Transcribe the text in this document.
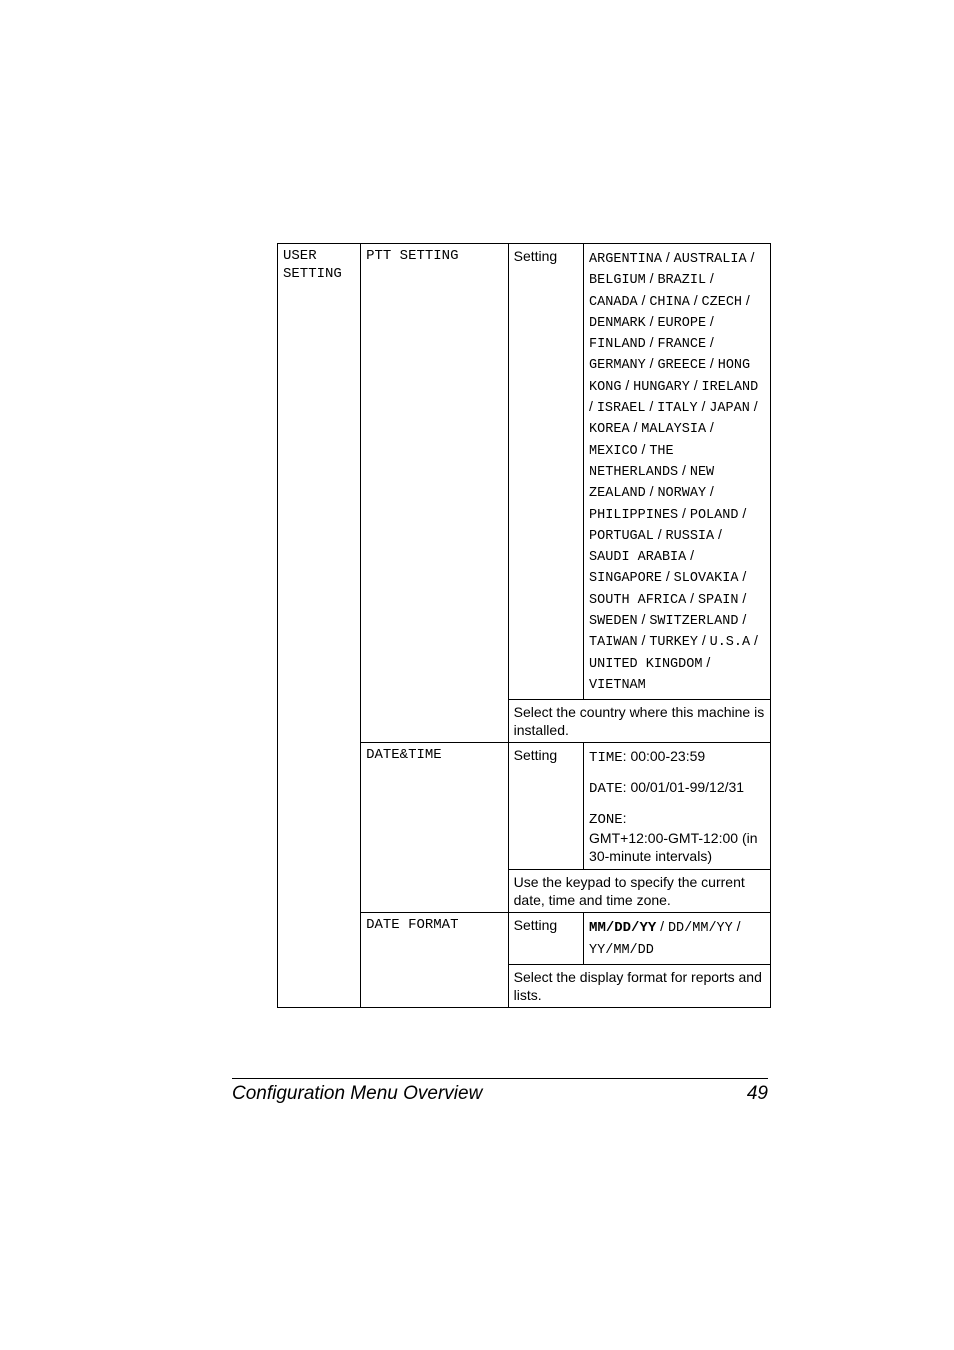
USER SETTING	PTT SETTING	Setting	ARGENTINA / AUSTRALIA / BELGIUM / BRAZIL / CANADA / CHINA / CZECH / DENMARK / EUROPE / FINLAND / FRANCE / GERMANY / GREECE / HONG KONG / HUNGARY / IRELAND / ISRAEL / ITALY / JAPAN / KOREA / MALAYSIA / MEXICO / THE NETHERLANDS / NEW ZEALAND / NORWAY / PHILIPPINES / POLAND / PORTUGAL / RUSSIA / SAUDI ARABIA / SINGAPORE / SLOVAKIA / SOUTH AFRICA / SPAIN / SWEDEN / SWITZERLAND / TAIWAN / TURKEY / U.S.A / UNITED KINGDOM / VIETNAM
		Select the country where this machine is installed.	
	DATE&TIME	Setting	TIME: 00:00-23:59
DATE: 00/01/01-99/12/31
ZONE:
GMT+12:00-GMT-12:00 (in 30-minute intervals)

		Use the keypad to specify the current date, time and time zone.	
	DATE FORMAT	Setting	MM/DD/YY / DD/MM/YY / YY/MM/DD
		Select the display format for reports and lists.	
Configuration Menu Overview	49
